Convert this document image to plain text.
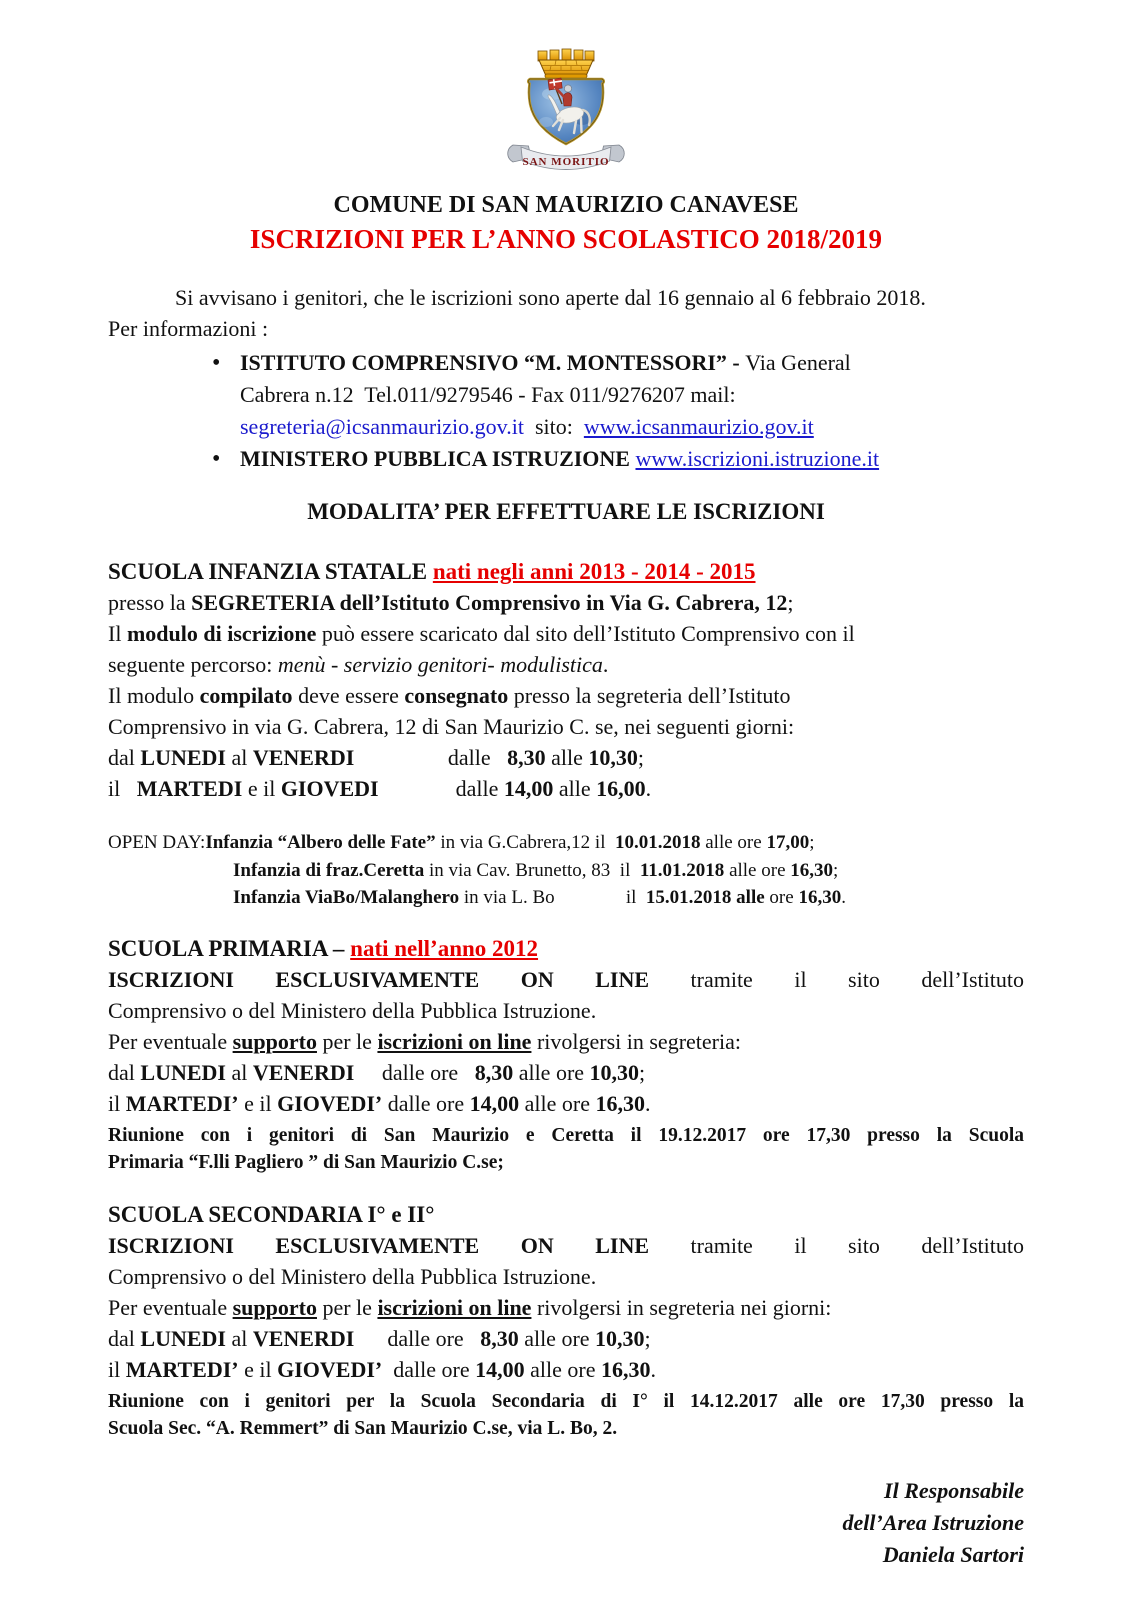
SAN MORITIO
COMUNE DI SAN MAURIZIO CANAVESE
ISCRIZIONI PER L’ANNO SCOLASTICO 2018/2019

Si avvisano i genitori, che le iscrizioni sono aperte dal 16 gennaio al 6 febbraio 2018.

Per informazioni :

•
ISTITUTO COMPRENSIVO “M. MONTESSORI” - Via General
Cabrera n.12  Tel.011/9279546 - Fax 011/9276207 mail:
segreteria@icsanmaurizio.gov.it  sito:  www.icsanmaurizio.gov.it
•
MINISTERO PUBBLICA ISTRUZIONE www.iscrizioni.istruzione.it

MODALITA’ PER EFFETTUARE LE ISCRIZIONI

SCUOLA INFANZIA STATALE nati negli anni 2013 - 2014 - 2015

presso la SEGRETERIA dell’Istituto Comprensivo in Via G. Cabrera, 12;

Il modulo di iscrizione può essere scaricato dal sito dell’Istituto Comprensivo con il

seguente percorso: menù - servizio genitori- modulistica.

Il modulo compilato deve essere consegnato presso la segreteria dell’Istituto

Comprensivo in via G. Cabrera, 12 di San Maurizio C. se, nei seguenti giorni:

dal LUNEDI al VENERDI                 dalle   8,30 alle 10,30;

il   MARTEDI e il GIOVEDI              dalle 14,00 alle 16,00.

OPEN DAY:Infanzia “Albero delle Fate” in via G.Cabrera,12 il  10.01.2018 alle ore 17,00;

Infanzia di fraz.Ceretta in via Cav. Brunetto, 83  il  11.01.2018 alle ore 16,30;

Infanzia ViaBo/Malanghero in via L. Bo               il  15.01.2018 alle ore 16,30.

SCUOLA PRIMARIA – nati nell’anno 2012

ISCRIZIONI ESCLUSIVAMENTE ON LINE tramite il sito dell’Istituto

Comprensivo o del Ministero della Pubblica Istruzione.

Per eventuale supporto per le iscrizioni on line rivolgersi in segreteria:

dal LUNEDI al VENERDI     dalle ore   8,30 alle ore 10,30;

il MARTEDI’ e il GIOVEDI’ dalle ore 14,00 alle ore 16,30.

Riunione con i genitori di San Maurizio e Ceretta il 19.12.2017 ore 17,30 presso la Scuola

Primaria “F.lli Pagliero ” di San Maurizio C.se;

SCUOLA SECONDARIA I° e II°

ISCRIZIONI ESCLUSIVAMENTE ON LINE tramite il sito dell’Istituto

Comprensivo o del Ministero della Pubblica Istruzione.

Per eventuale supporto per le iscrizioni on line rivolgersi in segreteria nei giorni:

dal LUNEDI al VENERDI      dalle ore   8,30 alle ore 10,30;

il MARTEDI’ e il GIOVEDI’  dalle ore 14,00 alle ore 16,30.

Riunione con i genitori per la Scuola Secondaria di I° il 14.12.2017 alle ore 17,30 presso la

Scuola Sec. “A. Remmert” di San Maurizio C.se, via L. Bo, 2.

Il Responsabile
dell’Area Istruzione
Daniela Sartori
